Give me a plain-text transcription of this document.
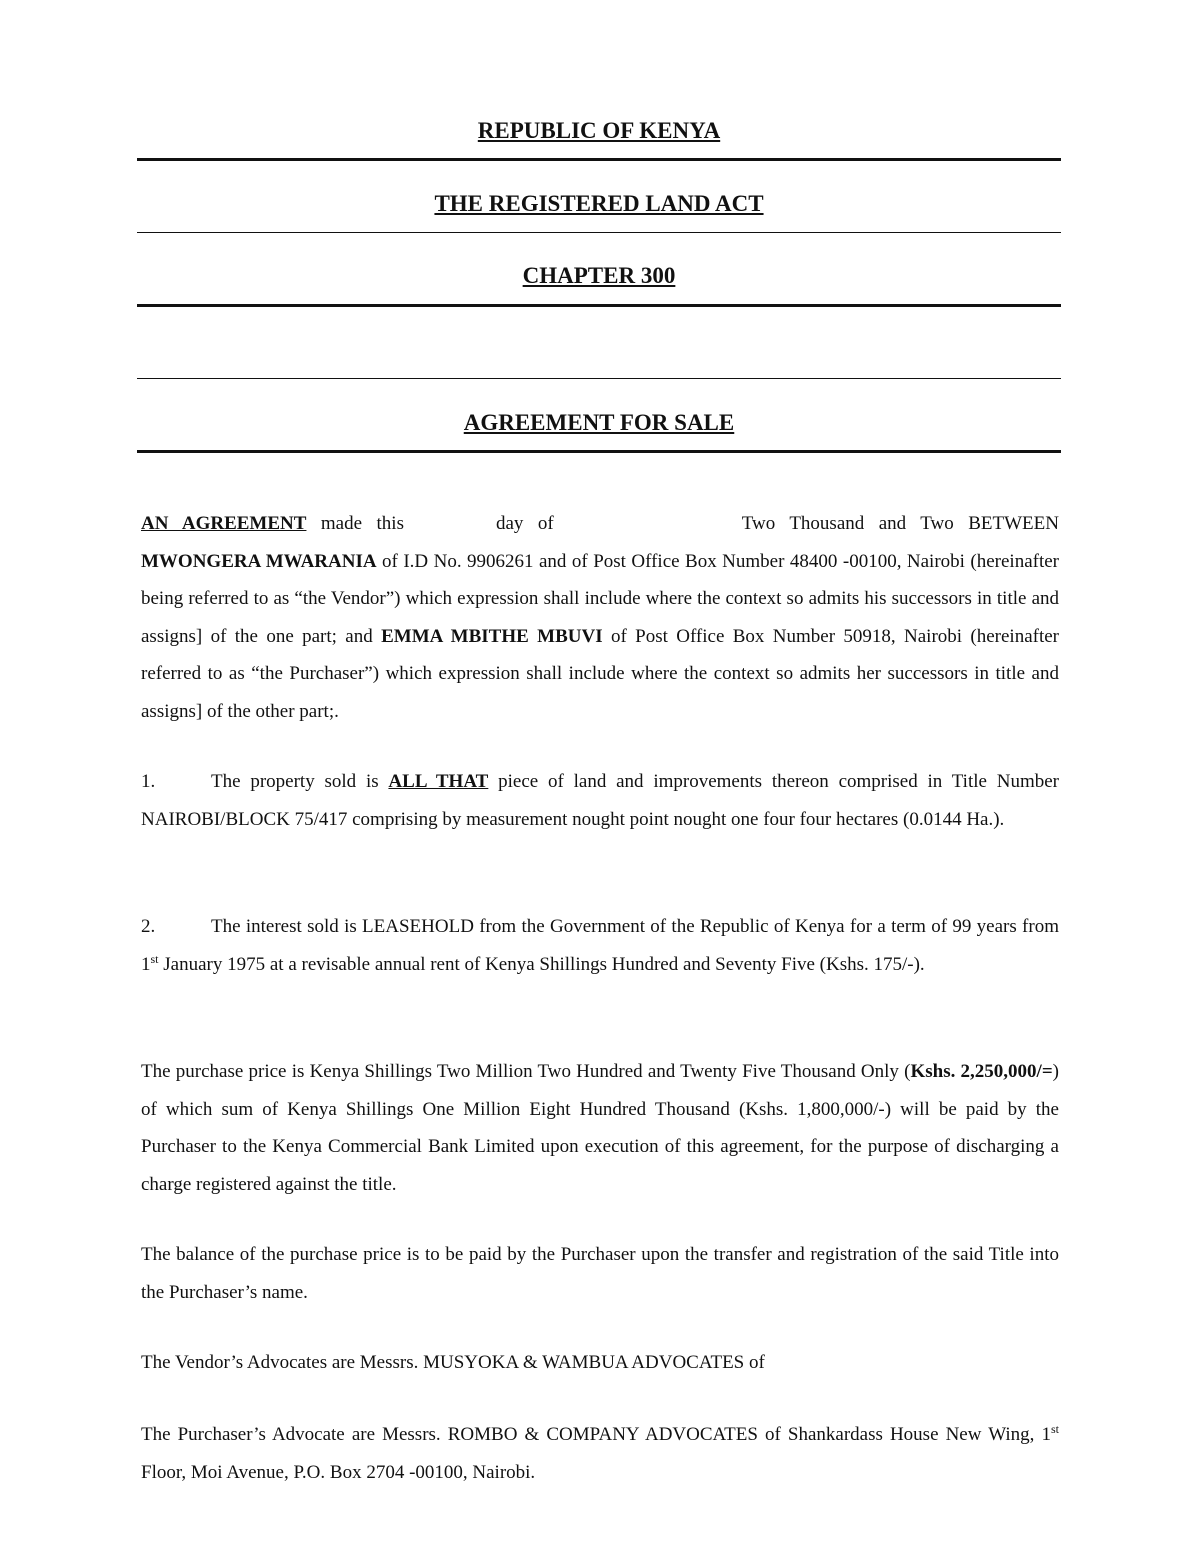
REPUBLIC OF KENYA
THE REGISTERED LAND ACT
CHAPTER 300
AGREEMENT FOR SALE

AN AGREEMENT made this	day of	Two Thousand and Two BETWEEN MWONGERA MWARANIA of I.D No. 9906261 and of Post Office Box Number 48400 -00100, Nairobi (hereinafter being referred to as “the Vendor”) which expression shall include where the context so admits his successors in title and assigns] of the one part; and EMMA MBITHE MBUVI of Post Office Box Number 50918, Nairobi (hereinafter referred to as “the Purchaser”) which expression shall include where the context so admits her successors in title and assigns] of the other part;.

1.	The property sold is ALL THAT piece of land and improvements thereon comprised in Title Number NAIROBI/BLOCK 75/417 comprising by measurement nought point nought one four four hectares (0.0144 Ha.).

2.	The interest sold is LEASEHOLD from the Government of the Republic of Kenya for a term of 99 years from 1st January 1975 at a revisable annual rent of Kenya Shillings Hundred and Seventy Five (Kshs. 175/-).

The purchase price is Kenya Shillings Two Million Two Hundred and Twenty Five Thousand Only (Kshs. 2,250,000/=) of which sum of Kenya Shillings One Million Eight Hundred Thousand (Kshs. 1,800,000/-) will be paid by the Purchaser to the Kenya Commercial Bank Limited upon execution of this agreement, for the purpose of discharging a charge registered against the title.

The balance of the purchase price is to be paid by the Purchaser upon the transfer and registration of the said Title into the Purchaser’s name.

The Vendor’s Advocates are Messrs. MUSYOKA & WAMBUA ADVOCATES of

The Purchaser’s Advocate are Messrs. ROMBO & COMPANY ADVOCATES of Shankardass House New Wing, 1st Floor, Moi Avenue, P.O. Box 2704 -00100, Nairobi.
